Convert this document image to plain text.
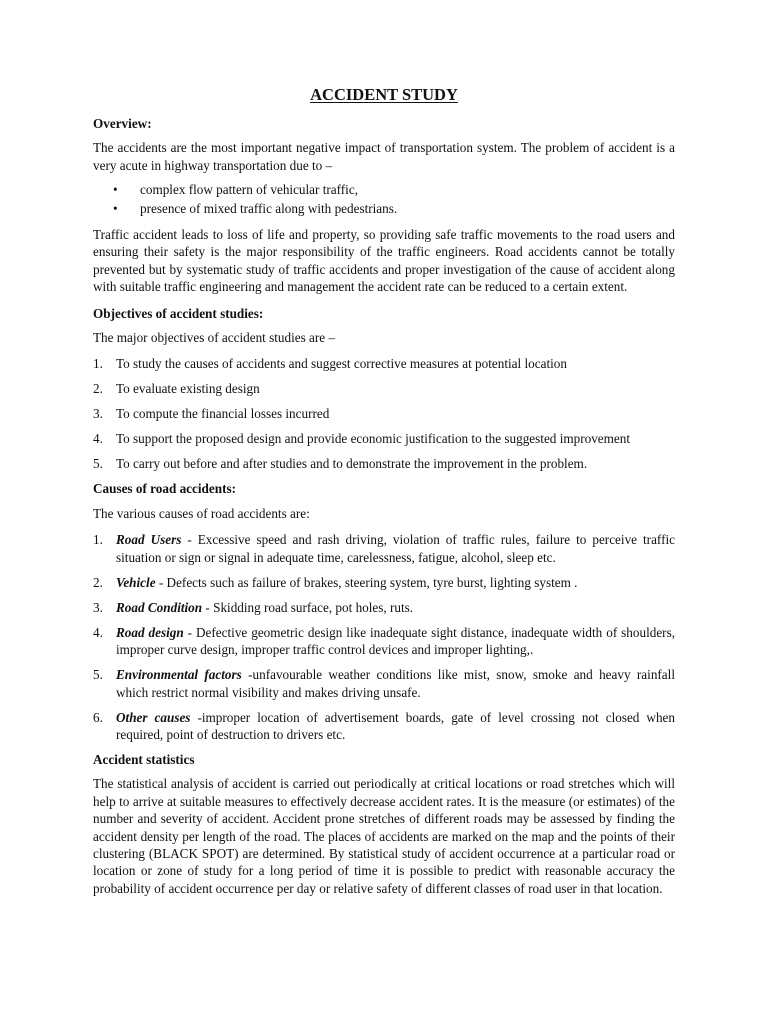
ACCIDENT STUDY
Overview:

The accidents are the most important negative impact of transportation system. The problem of accident is a very acute in highway transportation due to –

• complex flow pattern of vehicular traffic,
• presence of mixed traffic along with pedestrians.

Traffic accident leads to loss of life and property, so providing safe traffic movements to the road users and ensuring their safety is the major responsibility of the traffic engineers. Road accidents cannot be totally prevented but by systematic study of traffic accidents and proper investigation of the cause of accident along with suitable traffic engineering and management the accident rate can be reduced to a certain extent.

Objectives of accident studies:

The major objectives of accident studies are –

1. To study the causes of accidents and suggest corrective measures at potential location
2. To evaluate existing design
3. To compute the financial losses incurred
4. To support the proposed design and provide economic justification to the suggested improvement
5. To carry out before and after studies and to demonstrate the improvement in the problem.
Causes of road accidents:

The various causes of road accidents are:

1. Road Users - Excessive speed and rash driving, violation of traffic rules, failure to perceive traffic situation or sign or signal in adequate time, carelessness, fatigue, alcohol, sleep etc.
2. Vehicle - Defects such as failure of brakes, steering system, tyre burst, lighting system .
3. Road Condition - Skidding road surface, pot holes, ruts.
4. Road design - Defective geometric design like inadequate sight distance, inadequate width of shoulders, improper curve design, improper traffic control devices and improper lighting,.
5. Environmental factors -unfavourable weather conditions like mist, snow, smoke and heavy rainfall which restrict normal visibility and makes driving unsafe.
6. Other causes -improper location of advertisement boards, gate of level crossing not closed when required, point of destruction to drivers etc.
Accident statistics

The statistical analysis of accident is carried out periodically at critical locations or road stretches which will help to arrive at suitable measures to effectively decrease accident rates. It is the measure (or estimates) of the number and severity of accident. Accident prone stretches of different roads may be assessed by finding the accident density per length of the road. The places of accidents are marked on the map and the points of their clustering (BLACK SPOT) are determined. By statistical study of accident occurrence at a particular road or location or zone of study for a long period of time it is possible to predict with reasonable accuracy the probability of accident occurrence per day or relative safety of different classes of road user in that location.
